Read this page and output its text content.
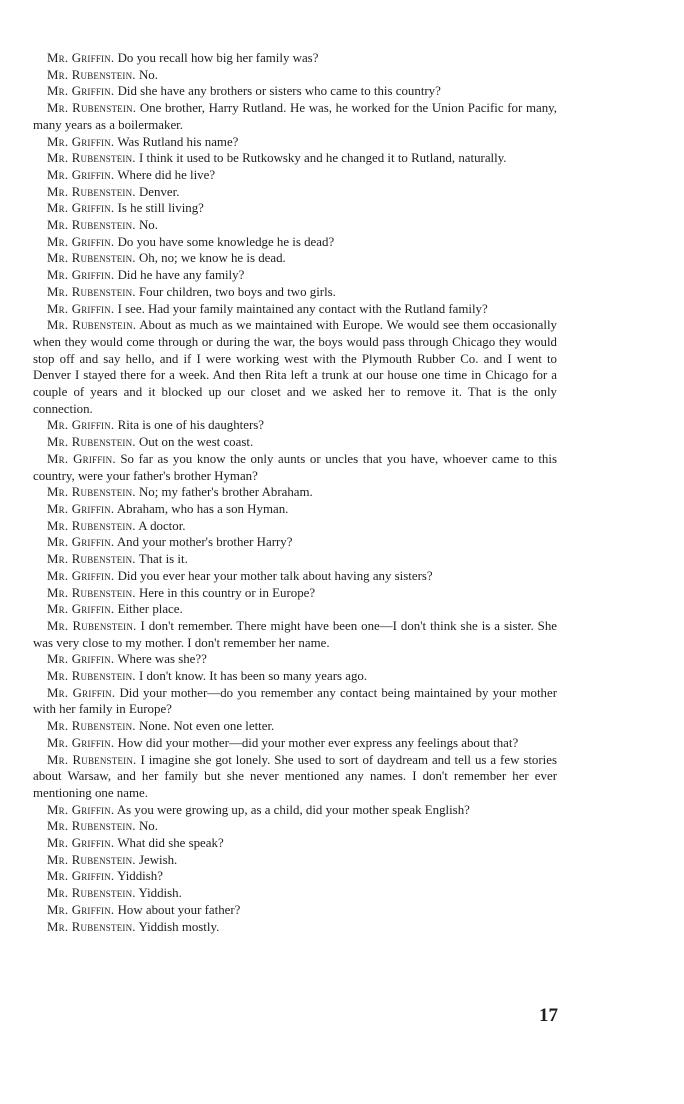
Mr. Griffin. Do you recall how big her family was?

Mr. Rubenstein. No.

Mr. Griffin. Did she have any brothers or sisters who came to this country?

Mr. Rubenstein. One brother, Harry Rutland. He was, he worked for the Union Pacific for many, many years as a boilermaker.

Mr. Griffin. Was Rutland his name?

Mr. Rubenstein. I think it used to be Rutkowsky and he changed it to Rutland, naturally.

Mr. Griffin. Where did he live?

Mr. Rubenstein. Denver.

Mr. Griffin. Is he still living?

Mr. Rubenstein. No.

Mr. Griffin. Do you have some knowledge he is dead?

Mr. Rubenstein. Oh, no; we know he is dead.

Mr. Griffin. Did he have any family?

Mr. Rubenstein. Four children, two boys and two girls.

Mr. Griffin. I see. Had your family maintained any contact with the Rutland family?

Mr. Rubenstein. About as much as we maintained with Europe. We would see them occasionally when they would come through or during the war, the boys would pass through Chicago they would stop off and say hello, and if I were working west with the Plymouth Rubber Co. and I went to Denver I stayed there for a week. And then Rita left a trunk at our house one time in Chicago for a couple of years and it blocked up our closet and we asked her to remove it. That is the only connection.

Mr. Griffin. Rita is one of his daughters?

Mr. Rubenstein. Out on the west coast.

Mr. Griffin. So far as you know the only aunts or uncles that you have, whoever came to this country, were your father's brother Hyman?

Mr. Rubenstein. No; my father's brother Abraham.

Mr. Griffin. Abraham, who has a son Hyman.

Mr. Rubenstein. A doctor.

Mr. Griffin. And your mother's brother Harry?

Mr. Rubenstein. That is it.

Mr. Griffin. Did you ever hear your mother talk about having any sisters?

Mr. Rubenstein. Here in this country or in Europe?

Mr. Griffin. Either place.

Mr. Rubenstein. I don't remember. There might have been one—I don't think she is a sister. She was very close to my mother. I don't remember her name.

Mr. Griffin. Where was she??

Mr. Rubenstein. I don't know. It has been so many years ago.

Mr. Griffin. Did your mother—do you remember any contact being maintained by your mother with her family in Europe?

Mr. Rubenstein. None. Not even one letter.

Mr. Griffin. How did your mother—did your mother ever express any feelings about that?

Mr. Rubenstein. I imagine she got lonely. She used to sort of daydream and tell us a few stories about Warsaw, and her family but she never mentioned any names. I don't remember her ever mentioning one name.

Mr. Griffin. As you were growing up, as a child, did your mother speak English?

Mr. Rubenstein. No.

Mr. Griffin. What did she speak?

Mr. Rubenstein. Jewish.

Mr. Griffin. Yiddish?

Mr. Rubenstein. Yiddish.

Mr. Griffin. How about your father?

Mr. Rubenstein. Yiddish mostly.

17
